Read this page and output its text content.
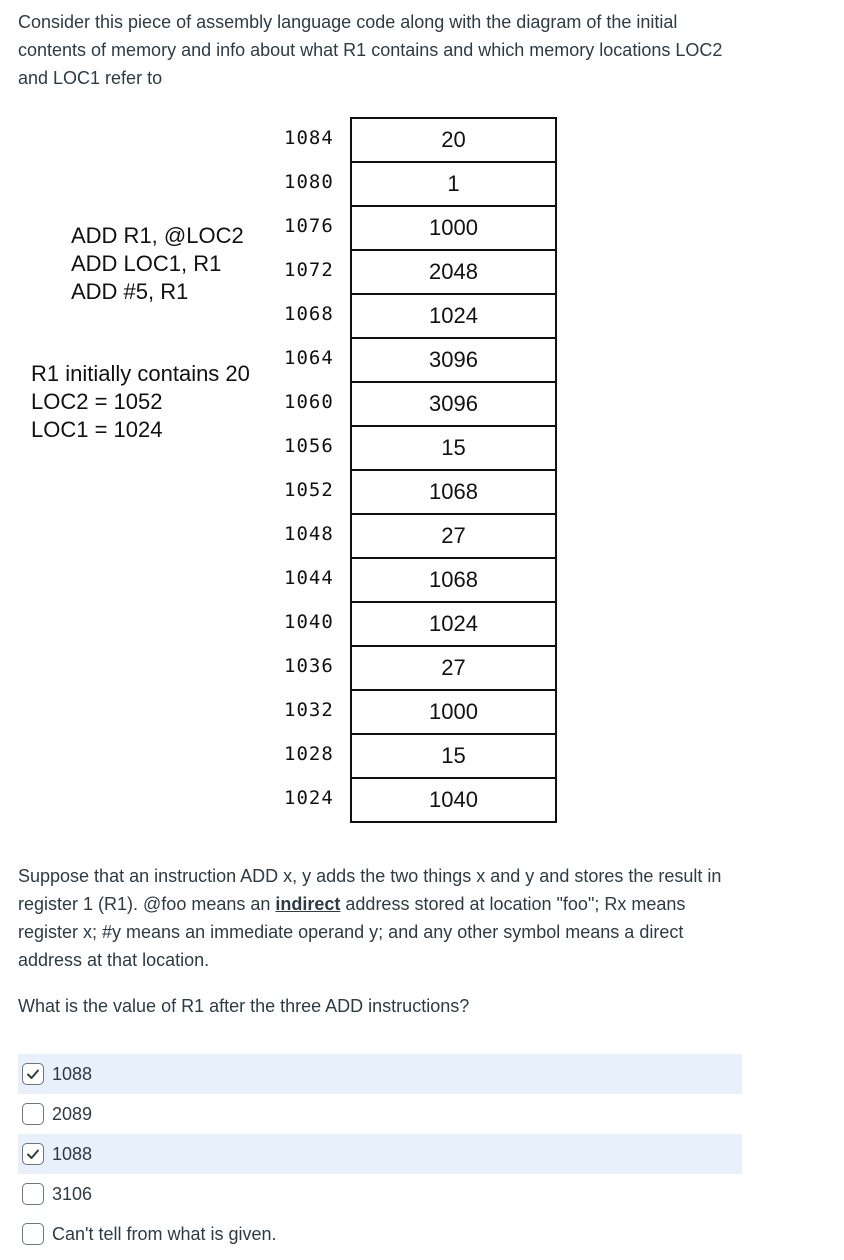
Consider this piece of assembly language code along with the diagram of the initial contents of memory and info about what R1 contains and which memory locations LOC2 and LOC1 refer to
ADD R1, @LOC2
ADD LOC1, R1
ADD #5, R1
R1 initially contains 20
LOC2 = 1052
LOC1 = 1024
1084
1080
1076
1072
1068
1064
1060
1056
1052
1048
1044
1040
1036
1032
1028
1024
20
1
1000
2048
1024
3096
3096
15
1068
27
1068
1024
27
1000
15
1040
Suppose that an instruction ADD x, y adds the two things x and y and stores the result in register 1 (R1). @foo means an indirect address stored at location "foo"; Rx means register x; #y means an immediate operand y; and any other symbol means a direct address at that location.
What is the value of R1 after the three ADD instructions?
1088
2089
1088
3106
Can't tell from what is given.
